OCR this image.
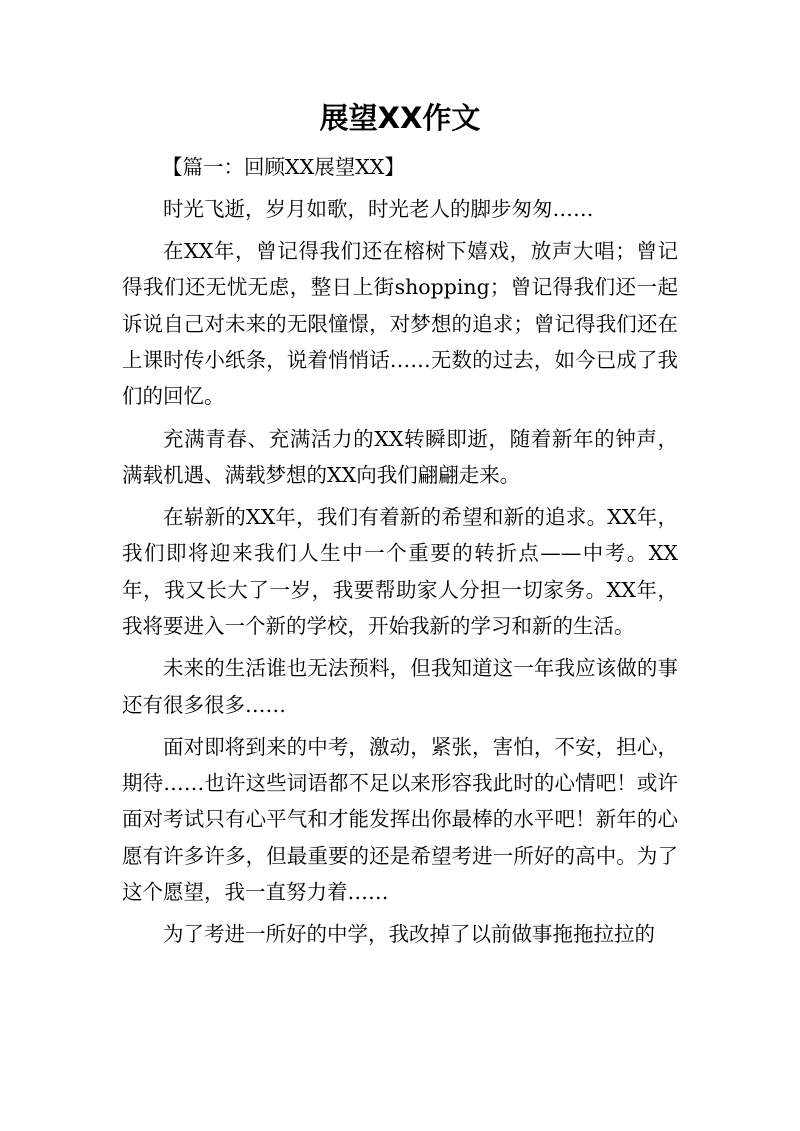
展望XX作文

【篇一：回顾XX展望XX】

时光飞逝，岁月如歌，时光老人的脚步匆匆……

在XX年，曾记得我们还在榕树下嬉戏，放声大唱；曾记得我们还无忧无虑，整日上街shopping；曾记得我们还一起诉说自己对未来的无限憧憬，对梦想的追求；曾记得我们还在上课时传小纸条，说着悄悄话……无数的过去，如今已成了我们的回忆。

充满青春、充满活力的XX转瞬即逝，随着新年的钟声，满载机遇、满载梦想的XX向我们翩翩走来。

在崭新的XX年，我们有着新的希望和新的追求。XX年，我们即将迎来我们人生中一个重要的转折点——中考。XX年，我又长大了一岁，我要帮助家人分担一切家务。XX年，我将要进入一个新的学校，开始我新的学习和新的生活。

未来的生活谁也无法预料，但我知道这一年我应该做的事还有很多很多……

面对即将到来的中考，激动，紧张，害怕，不安，担心，期待……也许这些词语都不足以来形容我此时的心情吧！或许面对考试只有心平气和才能发挥出你最棒的水平吧！新年的心愿有许多许多，但最重要的还是希望考进一所好的高中。为了这个愿望，我一直努力着……

为了考进一所好的中学，我改掉了以前做事拖拖拉拉的
